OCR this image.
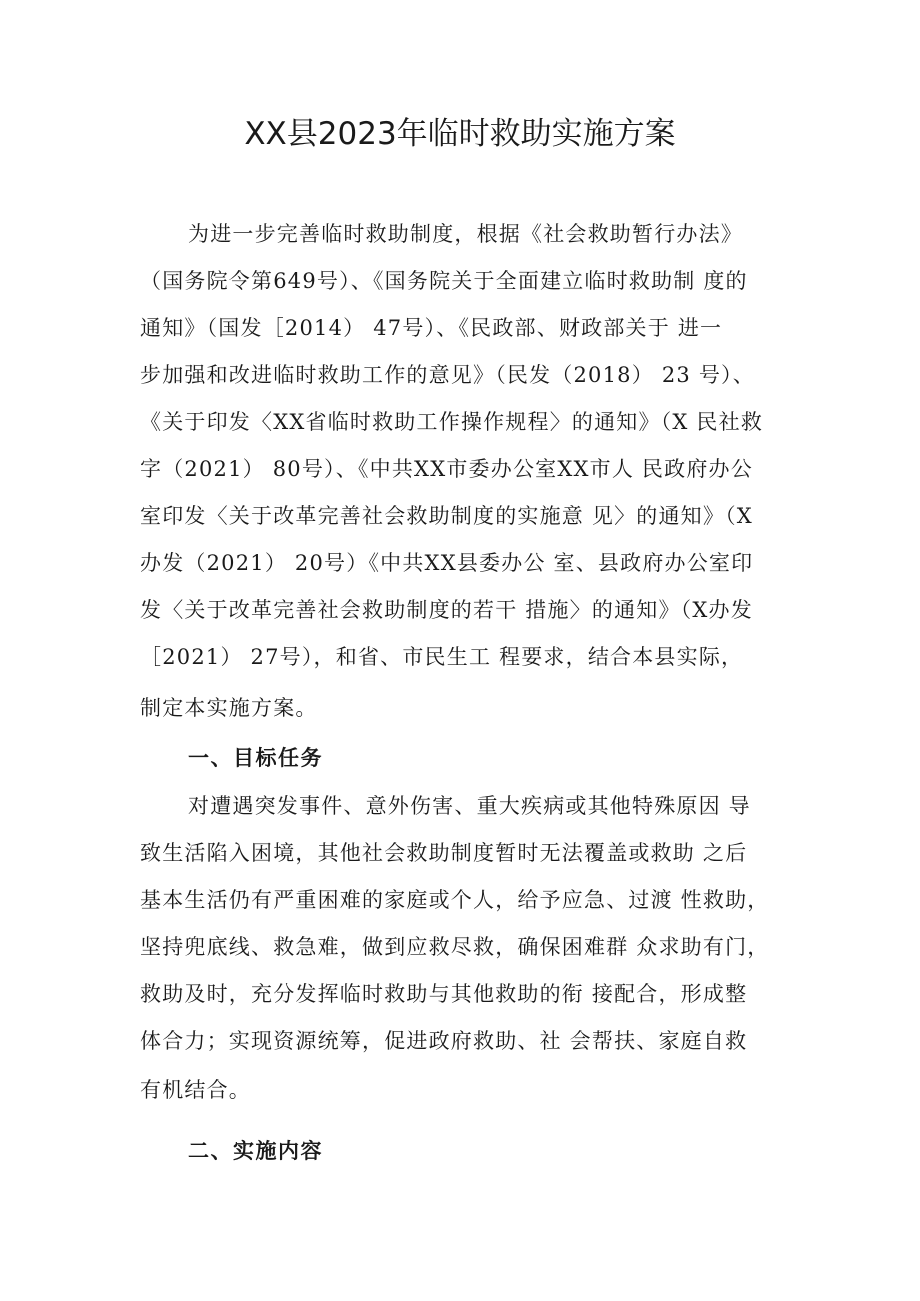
XX县2023年临时救助实施方案
为进一步完善临时救助制度，根据《社会救助暂行办法》
（国务院令第649号）、《国务院关于全面建立临时救助制 度的
通知》（国发［2014） 47号）、《民政部、财政部关于 进一
步加强和改进临时救助工作的意见》（民发（2018） 23 号）、
《关于印发〈XX省临时救助工作操作规程〉的通知》（X 民社救
字（2021） 80号）、《中共XX市委办公室XX市人 民政府办公
室印发〈关于改革完善社会救助制度的实施意 见〉的通知》（X
办发（2021） 20号）《中共XX县委办公 室、县政府办公室印
发〈关于改革完善社会救助制度的若干 措施〉的通知》（X办发
［2021） 27号），和省、市民生工 程要求，结合本县实际，
制定本实施方案。
一、目标任务
对遭遇突发事件、意外伤害、重大疾病或其他特殊原因 导
致生活陷入困境，其他社会救助制度暂时无法覆盖或救助 之后
基本生活仍有严重困难的家庭或个人，给予应急、过渡 性救助，
坚持兜底线、救急难，做到应救尽救，确保困难群 众求助有门，
救助及时，充分发挥临时救助与其他救助的衔 接配合，形成整
体合力；实现资源统筹，促进政府救助、社 会帮扶、家庭自救
有机结合。
二、实施内容
